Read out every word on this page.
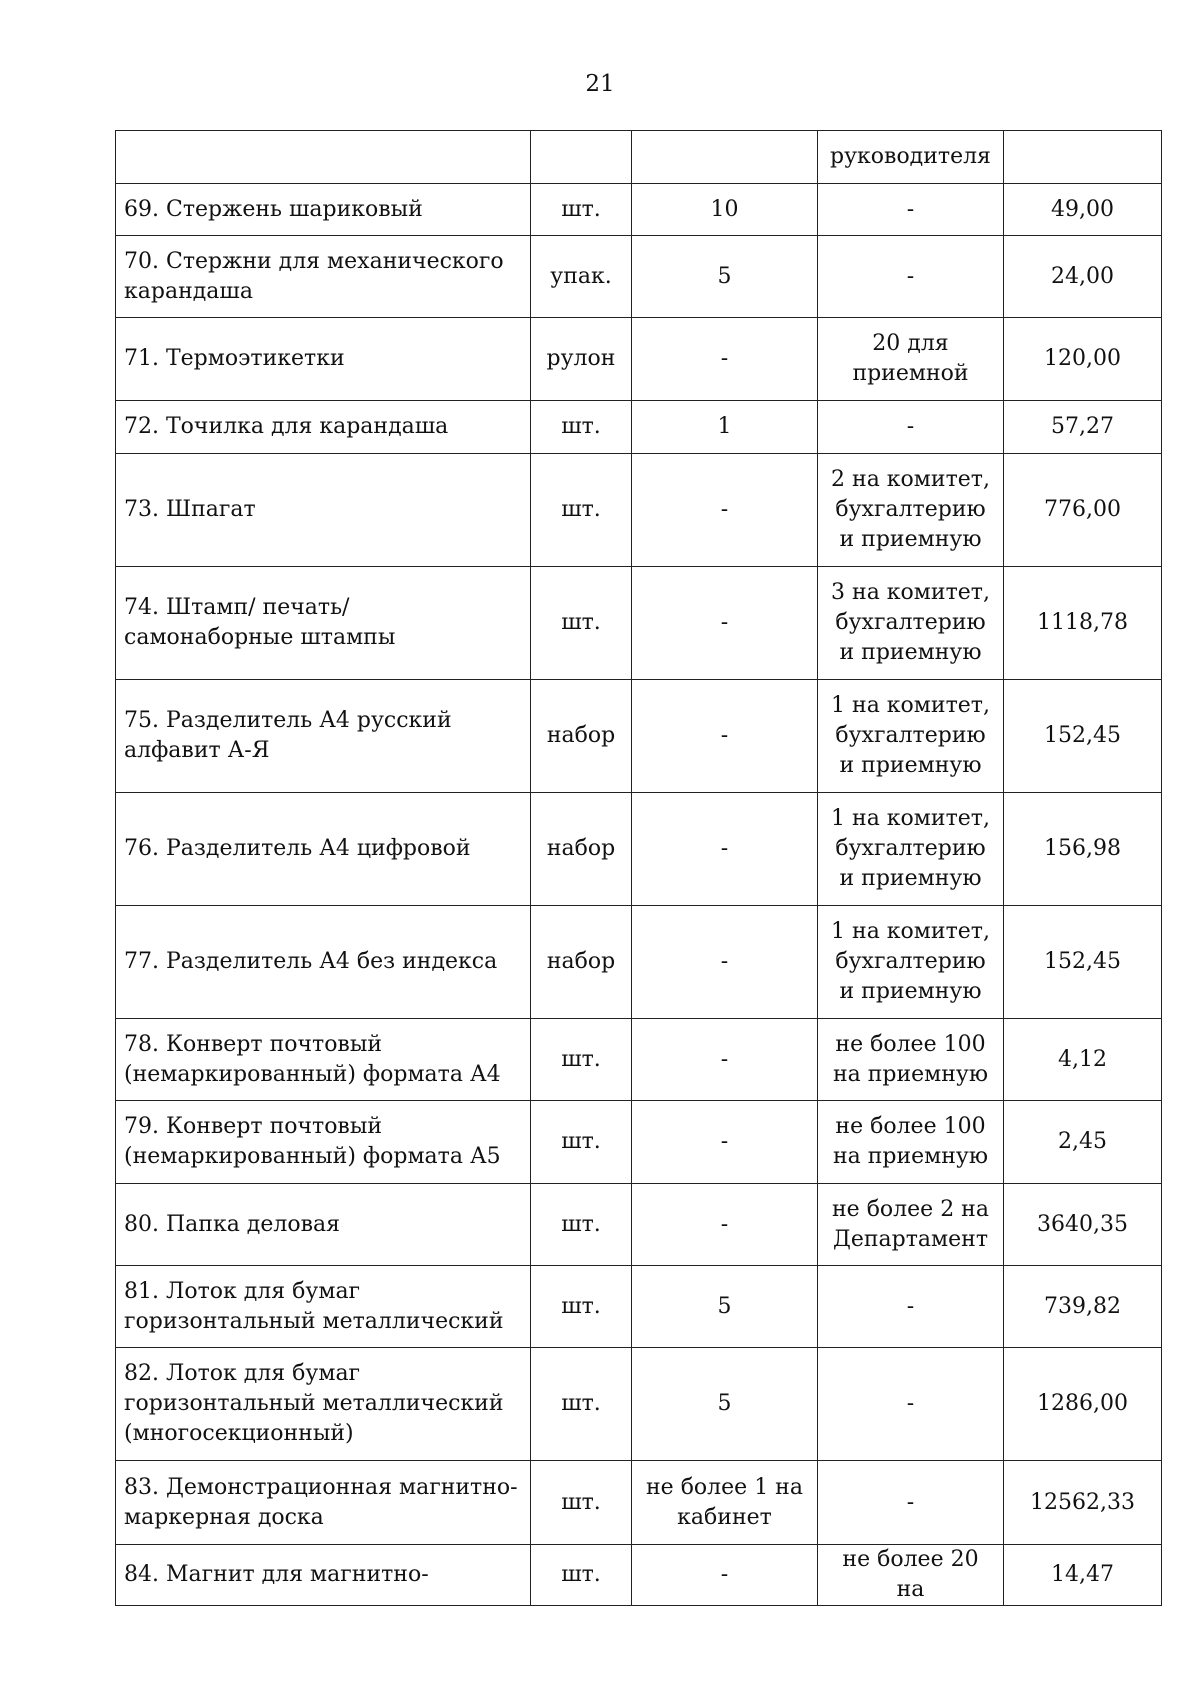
21
			руководителя	
69. Стержень шариковый	шт.	10	-	49,00
70. Стержни для механического карандаша	упак.	5	-	24,00
71. Термоэтикетки	рулон	-	20 для приемной	120,00
72. Точилка для карандаша	шт.	1	-	57,27
73. Шпагат	шт.	-	2 на комитет, бухгалтерию и приемную	776,00
74. Штамп/ печать/ самонаборные штампы	шт.	-	3 на комитет, бухгалтерию и приемную	1118,78
75. Разделитель А4 русский алфавит А-Я	набор	-	1 на комитет, бухгалтерию и приемную	152,45
76. Разделитель А4 цифровой	набор	-	1 на комитет, бухгалтерию и приемную	156,98
77. Разделитель А4 без индекса	набор	-	1 на комитет, бухгалтерию и приемную	152,45
78. Конверт почтовый (немаркированный) формата А4	шт.	-	не более 100 на приемную	4,12
79. Конверт почтовый (немаркированный) формата А5	шт.	-	не более 100 на приемную	2,45
80. Папка деловая	шт.	-	не более 2 на Департамент	3640,35
81. Лоток для бумаг горизонтальный металлический	шт.	5	-	739,82
82. Лоток для бумаг горизонтальный металлический (многосекционный)	шт.	5	-	1286,00
83. Демонстрационная магнитно-маркерная доска	шт.	не более 1 на кабинет	-	12562,33
84. Магнит для магнитно-	шт.	-	не более 20 на	14,47
